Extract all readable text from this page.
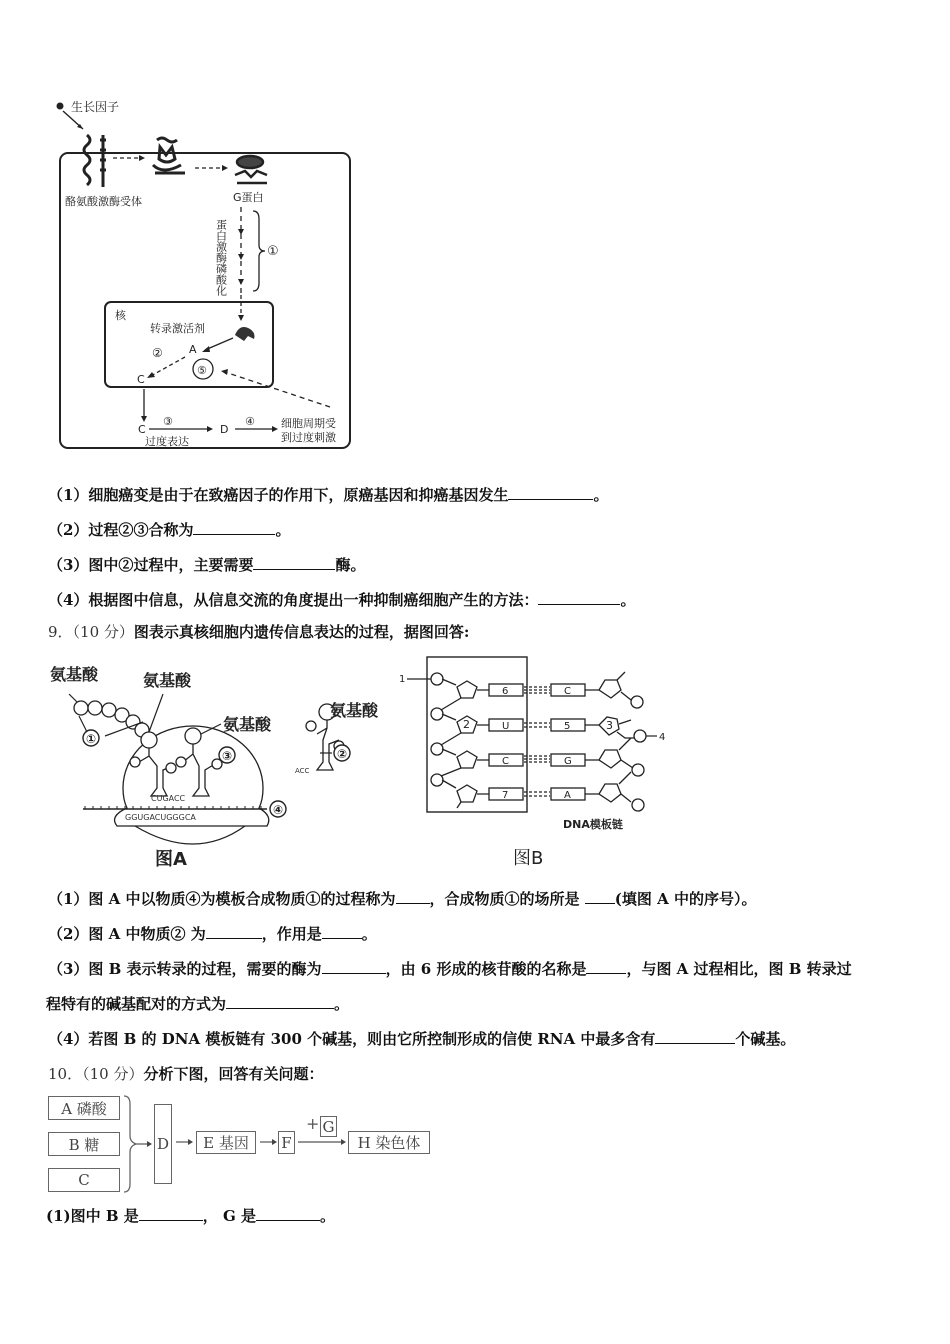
生长因子
酪氨酸激酶受体	G蛋白
蛋白激酶磷酸化	①
核
转录激活剂
A
②
⑤
C
C
③
过度表达
D
④ 细胞周期受
到过度刺激
（1）细胞癌变是由于在致癌因子的作用下，原癌基因和抑癌基因发生	。
（2）过程②③合称为	。
（3）图中②过程中，主要需要	酶。
（4）根据图中信息，从信息交流的角度提出一种抑制癌细胞产生的方法：	。
9．（10 分）图表示真核细胞内遗传信息表达的过程，据图回答:
氨基酸	氨基酸
氨基酸
①
③
CUGACC
GGUGACUGGGCA
④
图A
ACC
氨基酸
②
1
2
6
U
C
7
C
5
G
A
3
4
DNA模板链
图B
（1）图 A 中以物质④为模板合成物质①的过程称为 ，合成物质①的场所是 (填图 A 中的序号）。
（2）图 A 中物质② 为	，作用是	。
（3）图 B 表示转录的过程，需要的酶为	，由 6 形成的核苷酸的名称是	，与图 A 过程相比，图 B 转录过
程特有的碱基配对的方式为	。
（4）若图 B 的 DNA 模板链有 300 个碱基，则由它所控制形成的信使 RNA 中最多含有	个碱基。
10．（10 分）分析下图，回答有关问题：
A 磷酸
B 糖
C
D	E 基因	F
+ G
H 染色体
(1)图中 B 是	， G 是	。
